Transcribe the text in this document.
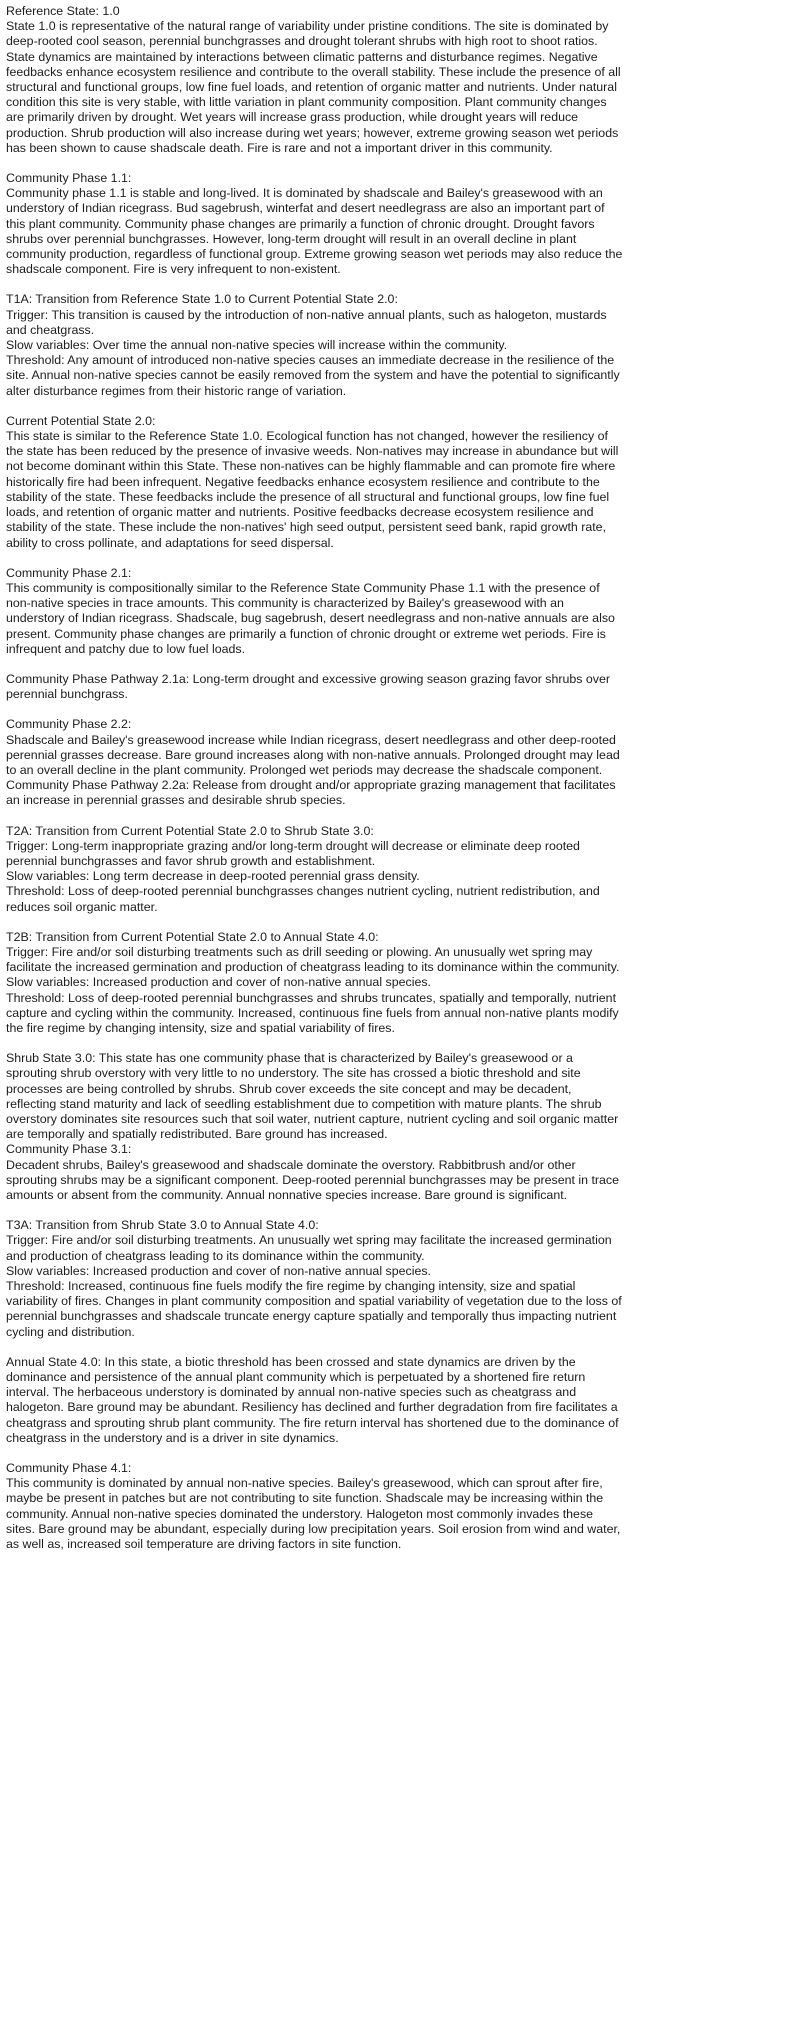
Reference State: 1.0
State 1.0 is representative of the natural range of variability under pristine conditions. The site is dominated by deep-rooted cool season, perennial bunchgrasses and drought tolerant shrubs with high root to shoot ratios. State dynamics are maintained by interactions between climatic patterns and disturbance regimes. Negative feedbacks enhance ecosystem resilience and contribute to the overall stability. These include the presence of all structural and functional groups, low fine fuel loads, and retention of organic matter and nutrients. Under natural condition this site is very stable, with little variation in plant community composition. Plant community changes are primarily driven by drought. Wet years will increase grass production, while drought years will reduce production. Shrub production will also increase during wet years; however, extreme growing season wet periods has been shown to cause shadscale death. Fire is rare and not a important driver in this community.
Community Phase 1.1:
Community phase 1.1 is stable and long-lived. It is dominated by shadscale and Bailey's greasewood with an understory of Indian ricegrass. Bud sagebrush, winterfat and desert needlegrass are also an important part of this plant community. Community phase changes are primarily a function of chronic drought. Drought favors shrubs over perennial bunchgrasses. However, long-term drought will result in an overall decline in plant community production, regardless of functional group. Extreme growing season wet periods may also reduce the shadscale component. Fire is very infrequent to non-existent.
T1A: Transition from Reference State 1.0 to Current Potential State 2.0:
Trigger: This transition is caused by the introduction of non-native annual plants, such as halogeton, mustards and cheatgrass.
Slow variables: Over time the annual non-native species will increase within the community.
Threshold: Any amount of introduced non-native species causes an immediate decrease in the resilience of the site. Annual non-native species cannot be easily removed from the system and have the potential to significantly alter disturbance regimes from their historic range of variation.
Current Potential State 2.0:
This state is similar to the Reference State 1.0. Ecological function has not changed, however the resiliency of the state has been reduced by the presence of invasive weeds. Non-natives may increase in abundance but will not become dominant within this State. These non-natives can be highly flammable and can promote fire where historically fire had been infrequent. Negative feedbacks enhance ecosystem resilience and contribute to the stability of the state. These feedbacks include the presence of all structural and functional groups, low fine fuel loads, and retention of organic matter and nutrients. Positive feedbacks decrease ecosystem resilience and stability of the state. These include the non-natives' high seed output, persistent seed bank, rapid growth rate, ability to cross pollinate, and adaptations for seed dispersal.
Community Phase 2.1:
This community is compositionally similar to the Reference State Community Phase 1.1 with the presence of non-native species in trace amounts. This community is characterized by Bailey's greasewood with an understory of Indian ricegrass. Shadscale, bug sagebrush, desert needlegrass and non-native annuals are also present. Community phase changes are primarily a function of chronic drought or extreme wet periods. Fire is infrequent and patchy due to low fuel loads.
Community Phase Pathway 2.1a: Long-term drought and excessive growing season grazing favor shrubs over perennial bunchgrass.
Community Phase 2.2:
Shadscale and Bailey's greasewood increase while Indian ricegrass, desert needlegrass and other deep-rooted perennial grasses decrease. Bare ground increases along with non-native annuals. Prolonged drought may lead to an overall decline in the plant community. Prolonged wet periods may decrease the shadscale component.
Community Phase Pathway 2.2a: Release from drought and/or appropriate grazing management that facilitates an increase in perennial grasses and desirable shrub species.
T2A: Transition from Current Potential State 2.0 to Shrub State 3.0:
Trigger: Long-term inappropriate grazing and/or long-term drought will decrease or eliminate deep rooted perennial bunchgrasses and favor shrub growth and establishment.
Slow variables: Long term decrease in deep-rooted perennial grass density.
Threshold: Loss of deep-rooted perennial bunchgrasses changes nutrient cycling, nutrient redistribution, and reduces soil organic matter.
T2B: Transition from Current Potential State 2.0 to Annual State 4.0:
Trigger: Fire and/or soil disturbing treatments such as drill seeding or plowing. An unusually wet spring may facilitate the increased germination and production of cheatgrass leading to its dominance within the community.
Slow variables: Increased production and cover of non-native annual species.
Threshold: Loss of deep-rooted perennial bunchgrasses and shrubs truncates, spatially and temporally, nutrient capture and cycling within the community. Increased, continuous fine fuels from annual non-native plants modify the fire regime by changing intensity, size and spatial variability of fires.
Shrub State 3.0: This state has one community phase that is characterized by Bailey's greasewood or a sprouting shrub overstory with very little to no understory. The site has crossed a biotic threshold and site processes are being controlled by shrubs. Shrub cover exceeds the site concept and may be decadent, reflecting stand maturity and lack of seedling establishment due to competition with mature plants. The shrub overstory dominates site resources such that soil water, nutrient capture, nutrient cycling and soil organic matter are temporally and spatially redistributed. Bare ground has increased.
Community Phase 3.1:
Decadent shrubs, Bailey's greasewood and shadscale dominate the overstory. Rabbitbrush and/or other sprouting shrubs may be a significant component. Deep-rooted perennial bunchgrasses may be present in trace amounts or absent from the community. Annual nonnative species increase. Bare ground is significant.
T3A: Transition from Shrub State 3.0 to Annual State 4.0:
Trigger: Fire and/or soil disturbing treatments. An unusually wet spring may facilitate the increased germination and production of cheatgrass leading to its dominance within the community.
Slow variables: Increased production and cover of non-native annual species.
Threshold: Increased, continuous fine fuels modify the fire regime by changing intensity, size and spatial variability of fires. Changes in plant community composition and spatial variability of vegetation due to the loss of perennial bunchgrasses and shadscale truncate energy capture spatially and temporally thus impacting nutrient cycling and distribution.
Annual State 4.0: In this state, a biotic threshold has been crossed and state dynamics are driven by the dominance and persistence of the annual plant community which is perpetuated by a shortened fire return interval. The herbaceous understory is dominated by annual non-native species such as cheatgrass and halogeton. Bare ground may be abundant. Resiliency has declined and further degradation from fire facilitates a cheatgrass and sprouting shrub plant community. The fire return interval has shortened due to the dominance of cheatgrass in the understory and is a driver in site dynamics.
Community Phase 4.1:
This community is dominated by annual non-native species. Bailey's greasewood, which can sprout after fire, maybe be present in patches but are not contributing to site function. Shadscale may be increasing within the community. Annual non-native species dominated the understory. Halogeton most commonly invades these sites. Bare ground may be abundant, especially during low precipitation years. Soil erosion from wind and water, as well as, increased soil temperature are driving factors in site function.
